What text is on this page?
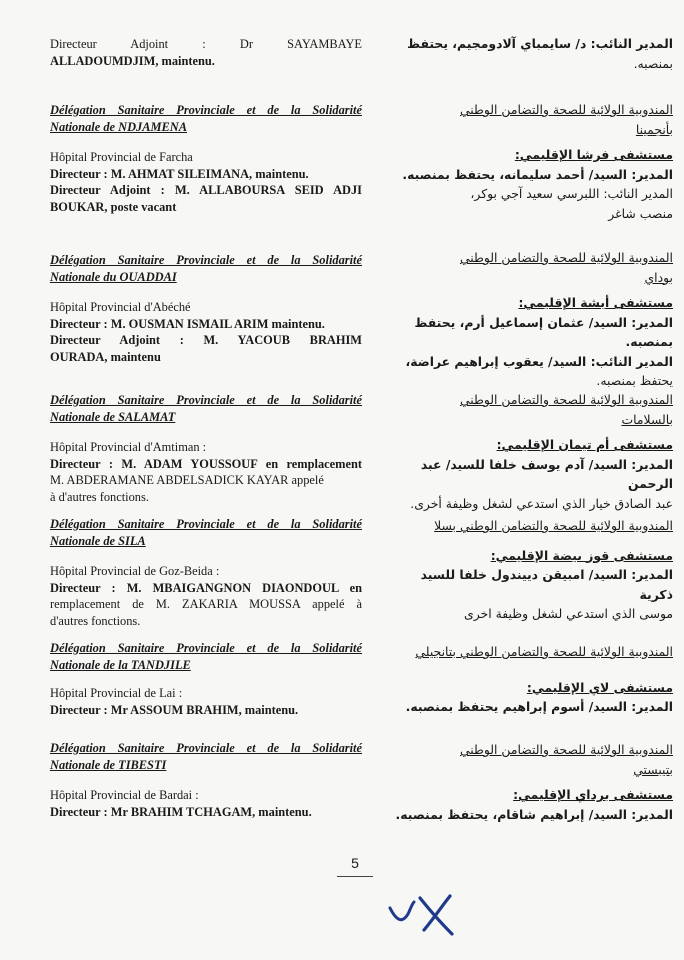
Directeur Adjoint : Dr SAYAMBAYE
ALLADOUMDJIM, maintenu.
المدير النائب: د/ سايمباي آلادومجيم، يحتفظ
بمنصبه.
Délégation Sanitaire Provinciale et de la Solidarité
Nationale de NDJAMENA
Hôpital Provincial de Farcha
Directeur : M. AHMAT SILEIMANA, maintenu.
Directeur Adjoint : M. ALLABOURSA SEID ADJI
BOUKAR, poste vacant
المندوبية الولائية للصحة والتضامن الوطني
بأنجمينا
مستشفى فرشا الإقليمي:
المدير: السيد/ أحمد سليمانه، يحتفظ بمنصبه.
المدير النائب: اللبرسي سعيد آجي بوكر،
منصب شاغر
Délégation Sanitaire Provinciale et de la Solidarité
Nationale du OUADDAI
Hôpital Provincial d'Abéché
Directeur : M. OUSMAN ISMAIL ARIM maintenu.
Directeur Adjoint : M. YACOUB BRAHIM
OURADA, maintenu
المندوبية الولائية للصحة والتضامن الوطني
بوداي
مستشفى أبشة الإقليمي:
المدير: السيد/ عثمان إسماعيل أرم، يحتفظ بمنصبه.
المدير النائب: السيد/ يعقوب إبراهيم عراضة،
يحتفظ بمنصبه.
Délégation Sanitaire Provinciale et de la Solidarité
Nationale de SALAMAT
Hôpital Provincial d'Amtiman :
Directeur : M. ADAM YOUSSOUF en remplacement
M. ABDERAMANE ABDELSADICK KAYAR appelé
à d'autres fonctions.
المندوبية الولائية للصحة والتضامن الوطني
بالسلامات
مستشفى أم تيمان الإقليمي:
المدير: السيد/ آدم يوسف خلفا للسيد/ عبد الرحمن
عبد الصادق خيار الذي استدعي لشغل وظيفة أخرى.
Délégation Sanitaire Provinciale et de la Solidarité
Nationale de SILA
Hôpital Provincial de Goz-Beida :
Directeur : M. MBAIGANGNON DIAONDOUL en
remplacement de M. ZAKARIA MOUSSA appelé à
d'autres fonctions.
المندوبية الولائية للصحة والتضامن الوطني بسلا
مستشفى قوز بيضة الإقليمي:
المدير: السيد/ امبيقن دييندول خلفا للسيد ذكرية
موسى الذي استدعي لشغل وظيفة اخرى
Délégation Sanitaire Provinciale et de la Solidarité
Nationale de la TANDJILE
Hôpital Provincial de Lai :
Directeur : Mr ASSOUM BRAHIM, maintenu.
المندوبية الولائية للصحة والتضامن الوطني بتانجيلي
مستشفى لاي الإقليمي:
المدير: السيد/ أسوم إبراهيم يحتفظ بمنصبه.
Délégation Sanitaire Provinciale et de la Solidarité
Nationale de TIBESTI
Hôpital Provincial de Bardai :
Directeur : Mr BRAHIM TCHAGAM, maintenu.
المندوبية الولائية للصحة والتضامن الوطني
بتيبستي
مستشفى برداي الإقليمي:
المدير: السيد/ إبراهيم شاقام، يحتفظ بمنصبه.
5
